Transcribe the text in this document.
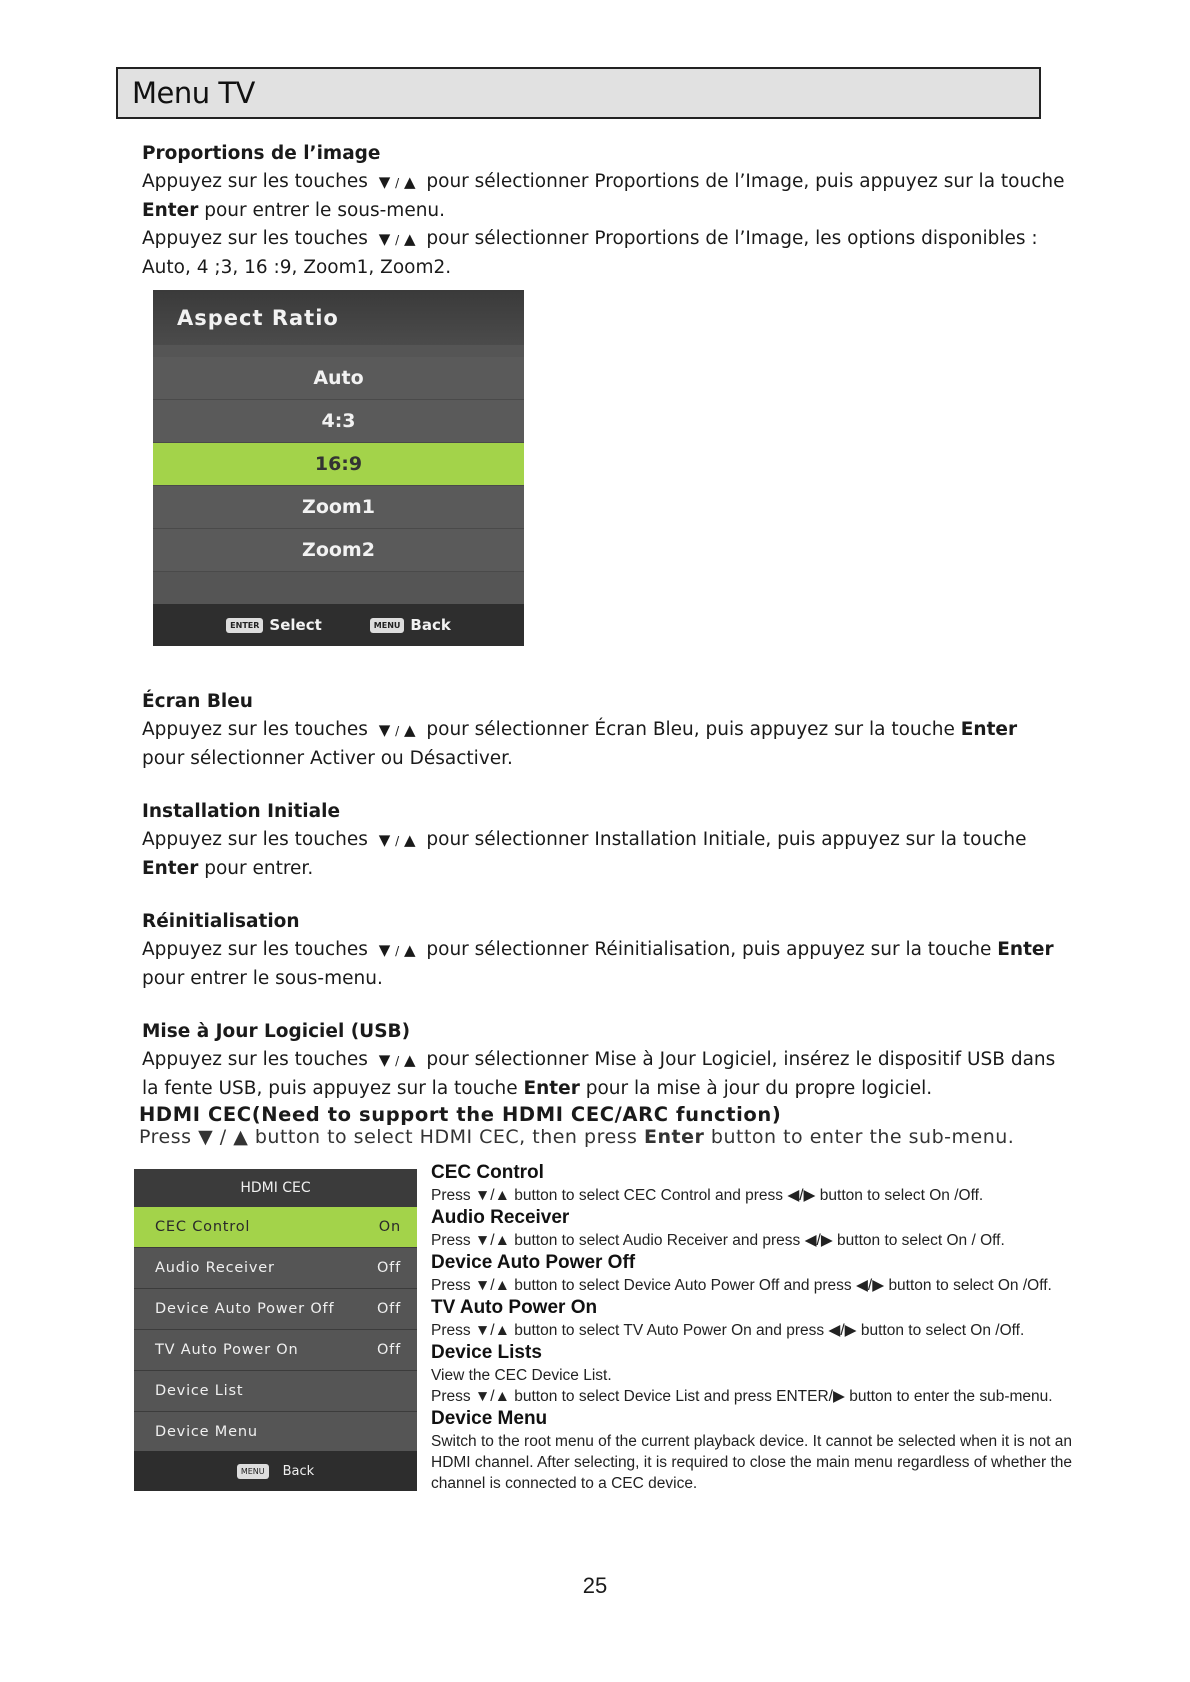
Menu TV
Proportions de l’image

Appuyez sur les touches ▼ / ▲ pour sélectionner Proportions de l’Image, puis appuyez sur la touche

Enter pour entrer le sous-menu.

Appuyez sur les touches ▼ / ▲ pour sélectionner Proportions de l’Image, les options disponibles :

Auto, 4 ;3, 16 :9, Zoom1, Zoom2.

Aspect Ratio
Auto
4:3
16:9
Zoom1
Zoom2
ENTER Select	MENU Back
Écran Bleu

Appuyez sur les touches ▼ / ▲ pour sélectionner Écran Bleu, puis appuyez sur la touche Enter

pour sélectionner Activer ou Désactiver.

Installation Initiale

Appuyez sur les touches ▼ / ▲ pour sélectionner Installation Initiale, puis appuyez sur la touche

Enter pour entrer.

Réinitialisation

Appuyez sur les touches ▼ / ▲ pour sélectionner Réinitialisation, puis appuyez sur la touche Enter

pour entrer le sous-menu.

Mise à Jour Logiciel (USB)

Appuyez sur les touches ▼ / ▲ pour sélectionner Mise à Jour Logiciel, insérez le dispositif USB dans

la fente USB, puis appuyez sur la touche Enter pour la mise à jour du propre logiciel.

HDMI CEC(Need to support the HDMI CEC/ARC function)
Press ▼ / ▲ button to select HDMI CEC, then press Enter button to enter the sub-menu.
HDMI CEC
CEC Control	On
Audio Receiver	Off
Device Auto Power Off	Off
TV Auto Power On	Off
Device List
Device Menu
MENU	Back
CEC Control

Press ▼/▲ button to select CEC Control and press ◀/▶ button to select On /Off.

Audio Receiver

Press ▼/▲ button to select Audio Receiver and press ◀/▶ button to select On / Off.

Device Auto Power Off

Press ▼/▲ button to select Device Auto Power Off and press ◀/▶ button to select On /Off.

TV Auto Power On

Press ▼/▲ button to select TV Auto Power On and press ◀/▶ button to select On /Off.

Device Lists

View the CEC Device List.

Press ▼/▲ button to select Device List and press ENTER/▶ button to enter the sub-menu.

Device Menu

Switch to the root menu of the current playback device. It cannot be selected when it is not an HDMI channel. After selecting, it is required to close the main menu regardless of whether the channel is connected to a CEC device.

25
